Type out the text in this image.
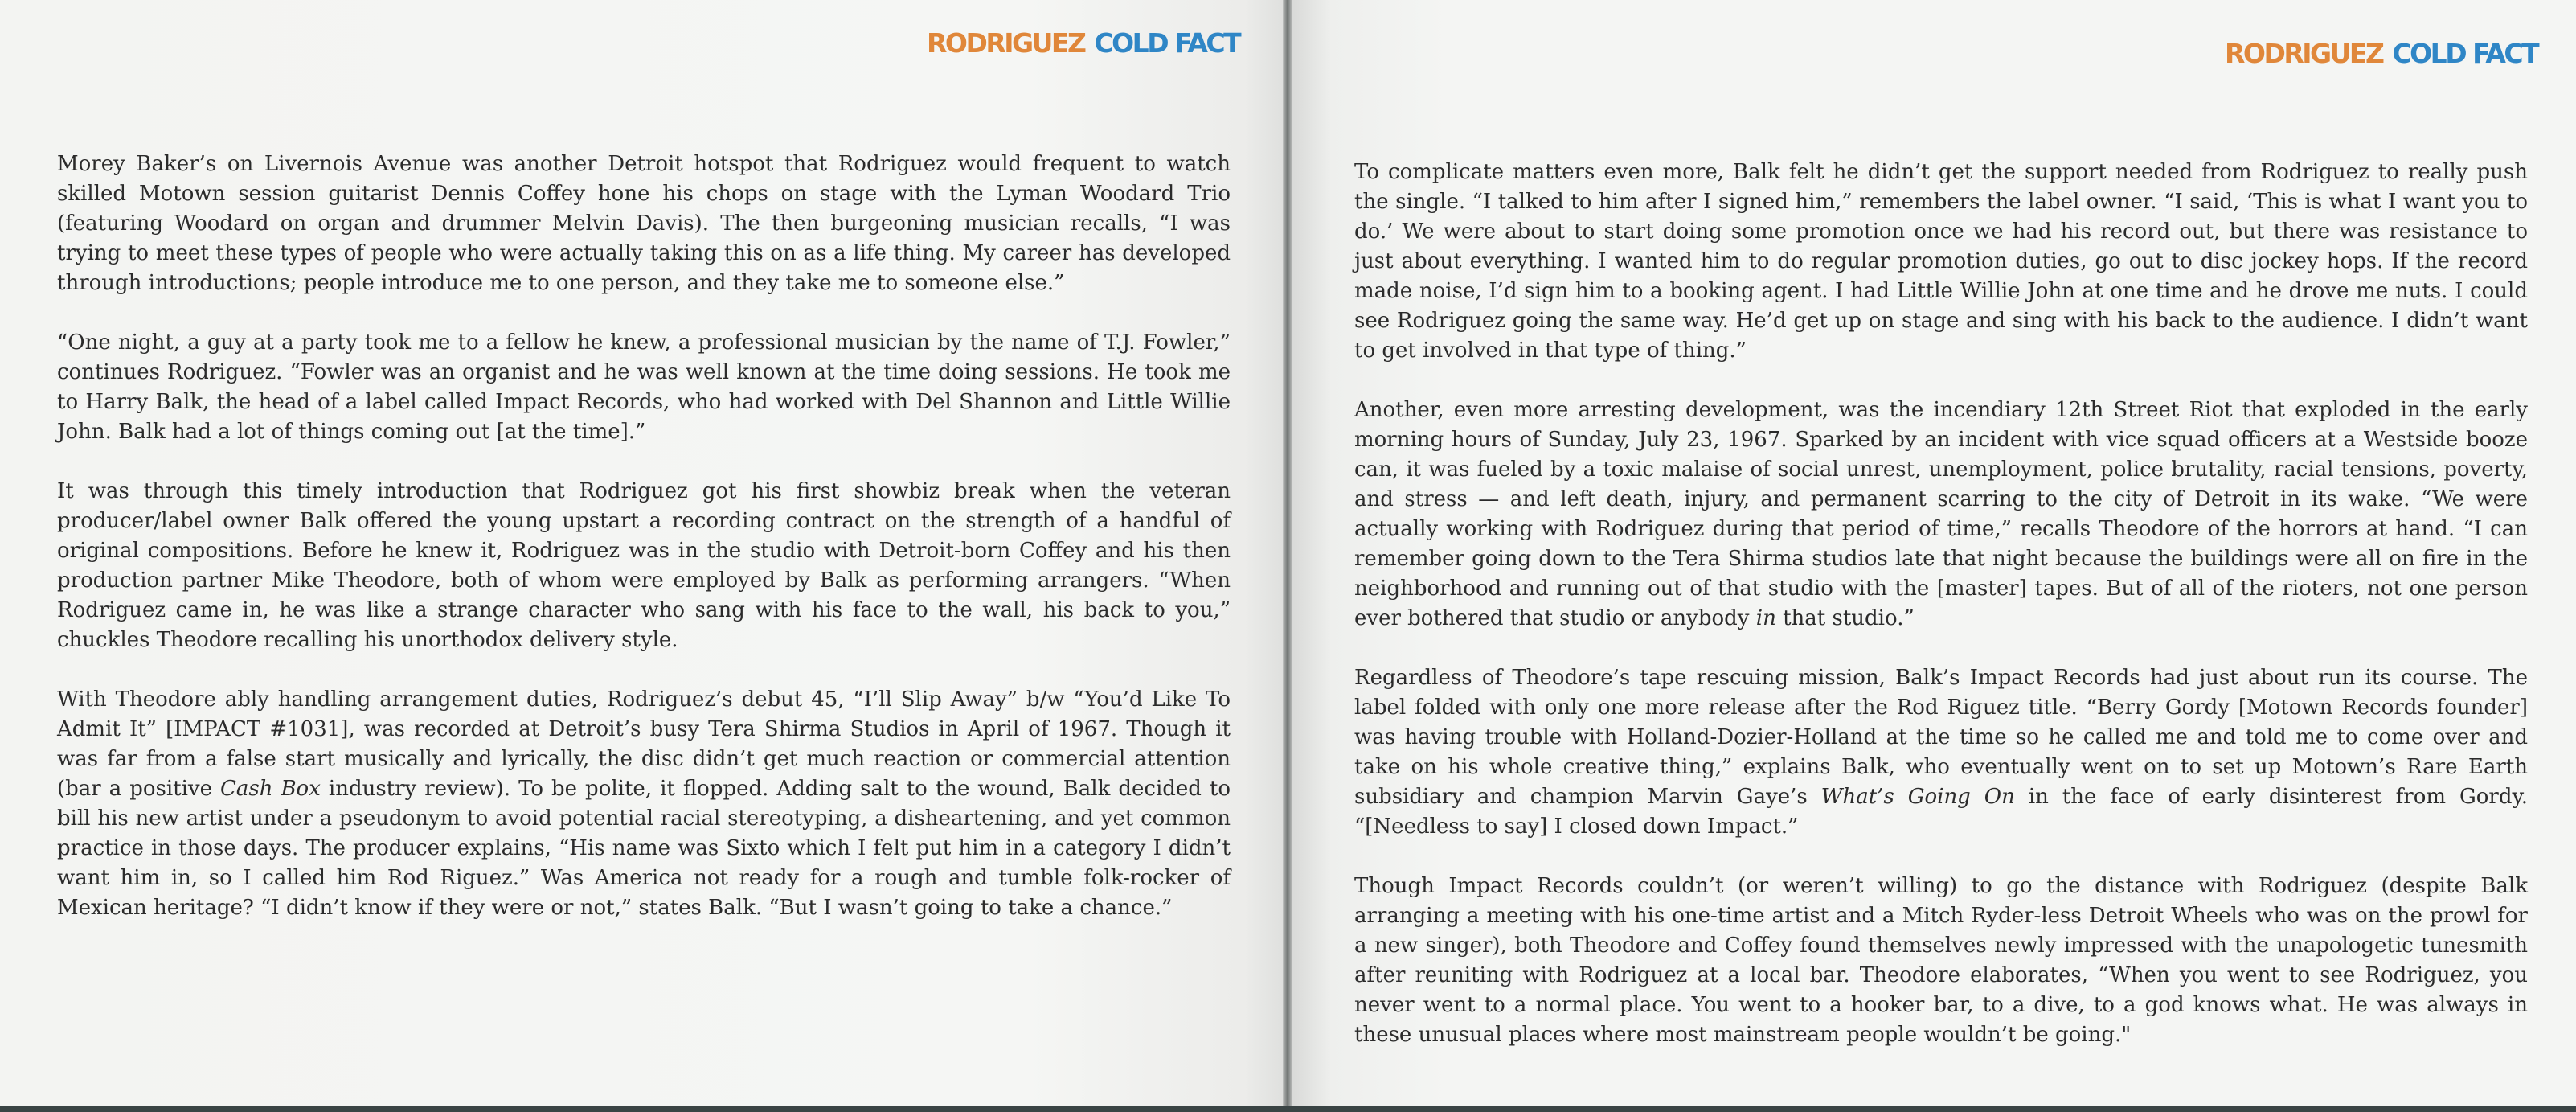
RODRIGUEZ COLD FACT

Morey Baker’s on Livernois Avenue was another Detroit hotspot that Rodriguez would frequent to watch skilled Motown session guitarist Dennis Coffey hone his chops on stage with the Lyman Woodard Trio (featuring Woodard on organ and drummer Melvin Davis). The then burgeoning musician recalls, “I was trying to meet these types of people who were actually taking this on as a life thing. My career has developed through introductions; people introduce me to one person, and they take me to someone else.”

“One night, a guy at a party took me to a fellow he knew, a professional musician by the name of T.J. Fowler,” continues Rodriguez. “Fowler was an organist and he was well known at the time doing sessions. He took me to Harry Balk, the head of a label called Impact Records, who had worked with Del Shannon and Little Willie John. Balk had a lot of things coming out [at the time].”

It was through this timely introduction that Rodriguez got his first showbiz break when the veteran producer/label owner Balk offered the young upstart a recording contract on the strength of a handful of original compositions. Before he knew it, Rodriguez was in the studio with Detroit-born Coffey and his then production partner Mike Theodore, both of whom were employed by Balk as performing arrangers. “When Rodriguez came in, he was like a strange character who sang with his face to the wall, his back to you,” chuckles Theodore recalling his unorthodox delivery style.

With Theodore ably handling arrangement duties, Rodriguez’s debut 45, “I’ll Slip Away” b/w “You’d Like To Admit It” [IMPACT #1031], was recorded at Detroit’s busy Tera Shirma Studios in April of 1967. Though it was far from a false start musically and lyrically, the disc didn’t get much reaction or commercial attention (bar a positive Cash Box industry review). To be polite, it flopped. Adding salt to the wound, Balk decided to bill his new artist under a pseudonym to avoid potential racial stereotyping, a disheartening, and yet common practice in those days. The producer explains, “His name was Sixto which I felt put him in a category I didn’t want him in, so I called him Rod Riguez.” Was America not ready for a rough and tumble folk-rocker of Mexican heritage? “I didn’t know if they were or not,” states Balk. “But I wasn’t going to take a chance.”

RODRIGUEZ COLD FACT

To complicate matters even more, Balk felt he didn’t get the support needed from Rodriguez to really push the single. “I talked to him after I signed him,” remembers the label owner. “I said, ‘This is what I want you to do.’ We were about to start doing some promotion once we had his record out, but there was resistance to just about everything. I wanted him to do regular promotion duties, go out to disc jockey hops. If the record made noise, I’d sign him to a booking agent. I had Little Willie John at one time and he drove me nuts. I could see Rodriguez going the same way. He’d get up on stage and sing with his back to the audience. I didn’t want to get involved in that type of thing.”

Another, even more arresting development, was the incendiary 12th Street Riot that exploded in the early morning hours of Sunday, July 23, 1967. Sparked by an incident with vice squad officers at a Westside booze can, it was fueled by a toxic malaise of social unrest, unemployment, police brutality, racial tensions, poverty, and stress — and left death, injury, and permanent scarring to the city of Detroit in its wake. “We were actually working with Rodriguez during that period of time,” recalls Theodore of the horrors at hand. “I can remember going down to the Tera Shirma studios late that night because the buildings were all on fire in the neighborhood and running out of that studio with the [master] tapes. But of all of the rioters, not one person ever bothered that studio or anybody in that studio.”

Regardless of Theodore’s tape rescuing mission, Balk’s Impact Records had just about run its course. The label folded with only one more release after the Rod Riguez title. “Berry Gordy [Motown Records founder] was having trouble with Holland-Dozier-Holland at the time so he called me and told me to come over and take on his whole creative thing,” explains Balk, who eventually went on to set up Motown’s Rare Earth subsidiary and champion Marvin Gaye’s What’s Going On in the face of early disinterest from Gordy. “[Needless to say] I closed down Impact.”

Though Impact Records couldn’t (or weren’t willing) to go the distance with Rodriguez (despite Balk arranging a meeting with his one-time artist and a Mitch Ryder-less Detroit Wheels who was on the prowl for a new singer), both Theodore and Coffey found themselves newly impressed with the unapologetic tunesmith after reuniting with Rodriguez at a local bar. Theodore elaborates, “When you went to see Rodriguez, you never went to a normal place. You went to a hooker bar, to a dive, to a god knows what. He was always in these unusual places where most mainstream people wouldn’t be going."
